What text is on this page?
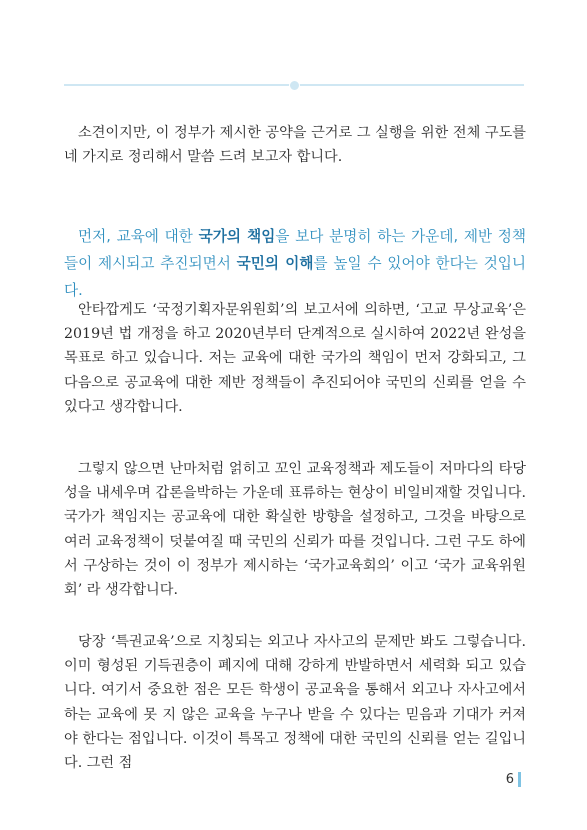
소견이지만, 이 정부가 제시한 공약을 근거로 그 실행을 위한 전체 구도를 네 가지로 정리해서 말씀 드려 보고자 합니다.

먼저, 교육에 대한 국가의 책임을 보다 분명히 하는 가운데, 제반 정책들이 제시되고 추진되면서 국민의 이해를 높일 수 있어야 한다는 것입니다.

안타깝게도 ‘국정기획자문위원회’의 보고서에 의하면, ‘고교 무상교육’은 2019년 법 개정을 하고 2020년부터 단계적으로 실시하여 2022년 완성을 목표로 하고 있습니다. 저는 교육에 대한 국가의 책임이 먼저 강화되고, 그 다음으로 공교육에 대한 제반 정책들이 추진되어야 국민의 신뢰를 얻을 수 있다고 생각합니다.

그렇지 않으면 난마처럼 얽히고 꼬인 교육정책과 제도들이 저마다의 타당성을 내세우며 갑론을박하는 가운데 표류하는 현상이 비일비재할 것입니다. 국가가 책임지는 공교육에 대한 확실한 방향을 설정하고, 그것을 바탕으로 여러 교육정책이 덧붙여질 때 국민의 신뢰가 따를 것입니다. 그런 구도 하에서 구상하는 것이 이 정부가 제시하는 ‘국가교육회의’ 이고 ‘국가 교육위원회’ 라 생각합니다.

당장 ‘특권교육’으로 지칭되는 외고나 자사고의 문제만 봐도 그렇습니다. 이미 형성된 기득권층이 폐지에 대해 강하게 반발하면서 세력화 되고 있습니다. 여기서 중요한 점은 모든 학생이 공교육을 통해서 외고나 자사고에서 하는 교육에 못 지 않은 교육을 누구나 받을 수 있다는 믿음과 기대가 커져야 한다는 점입니다. 이것이 특목고 정책에 대한 국민의 신뢰를 얻는 길입니다. 그런 점

6
